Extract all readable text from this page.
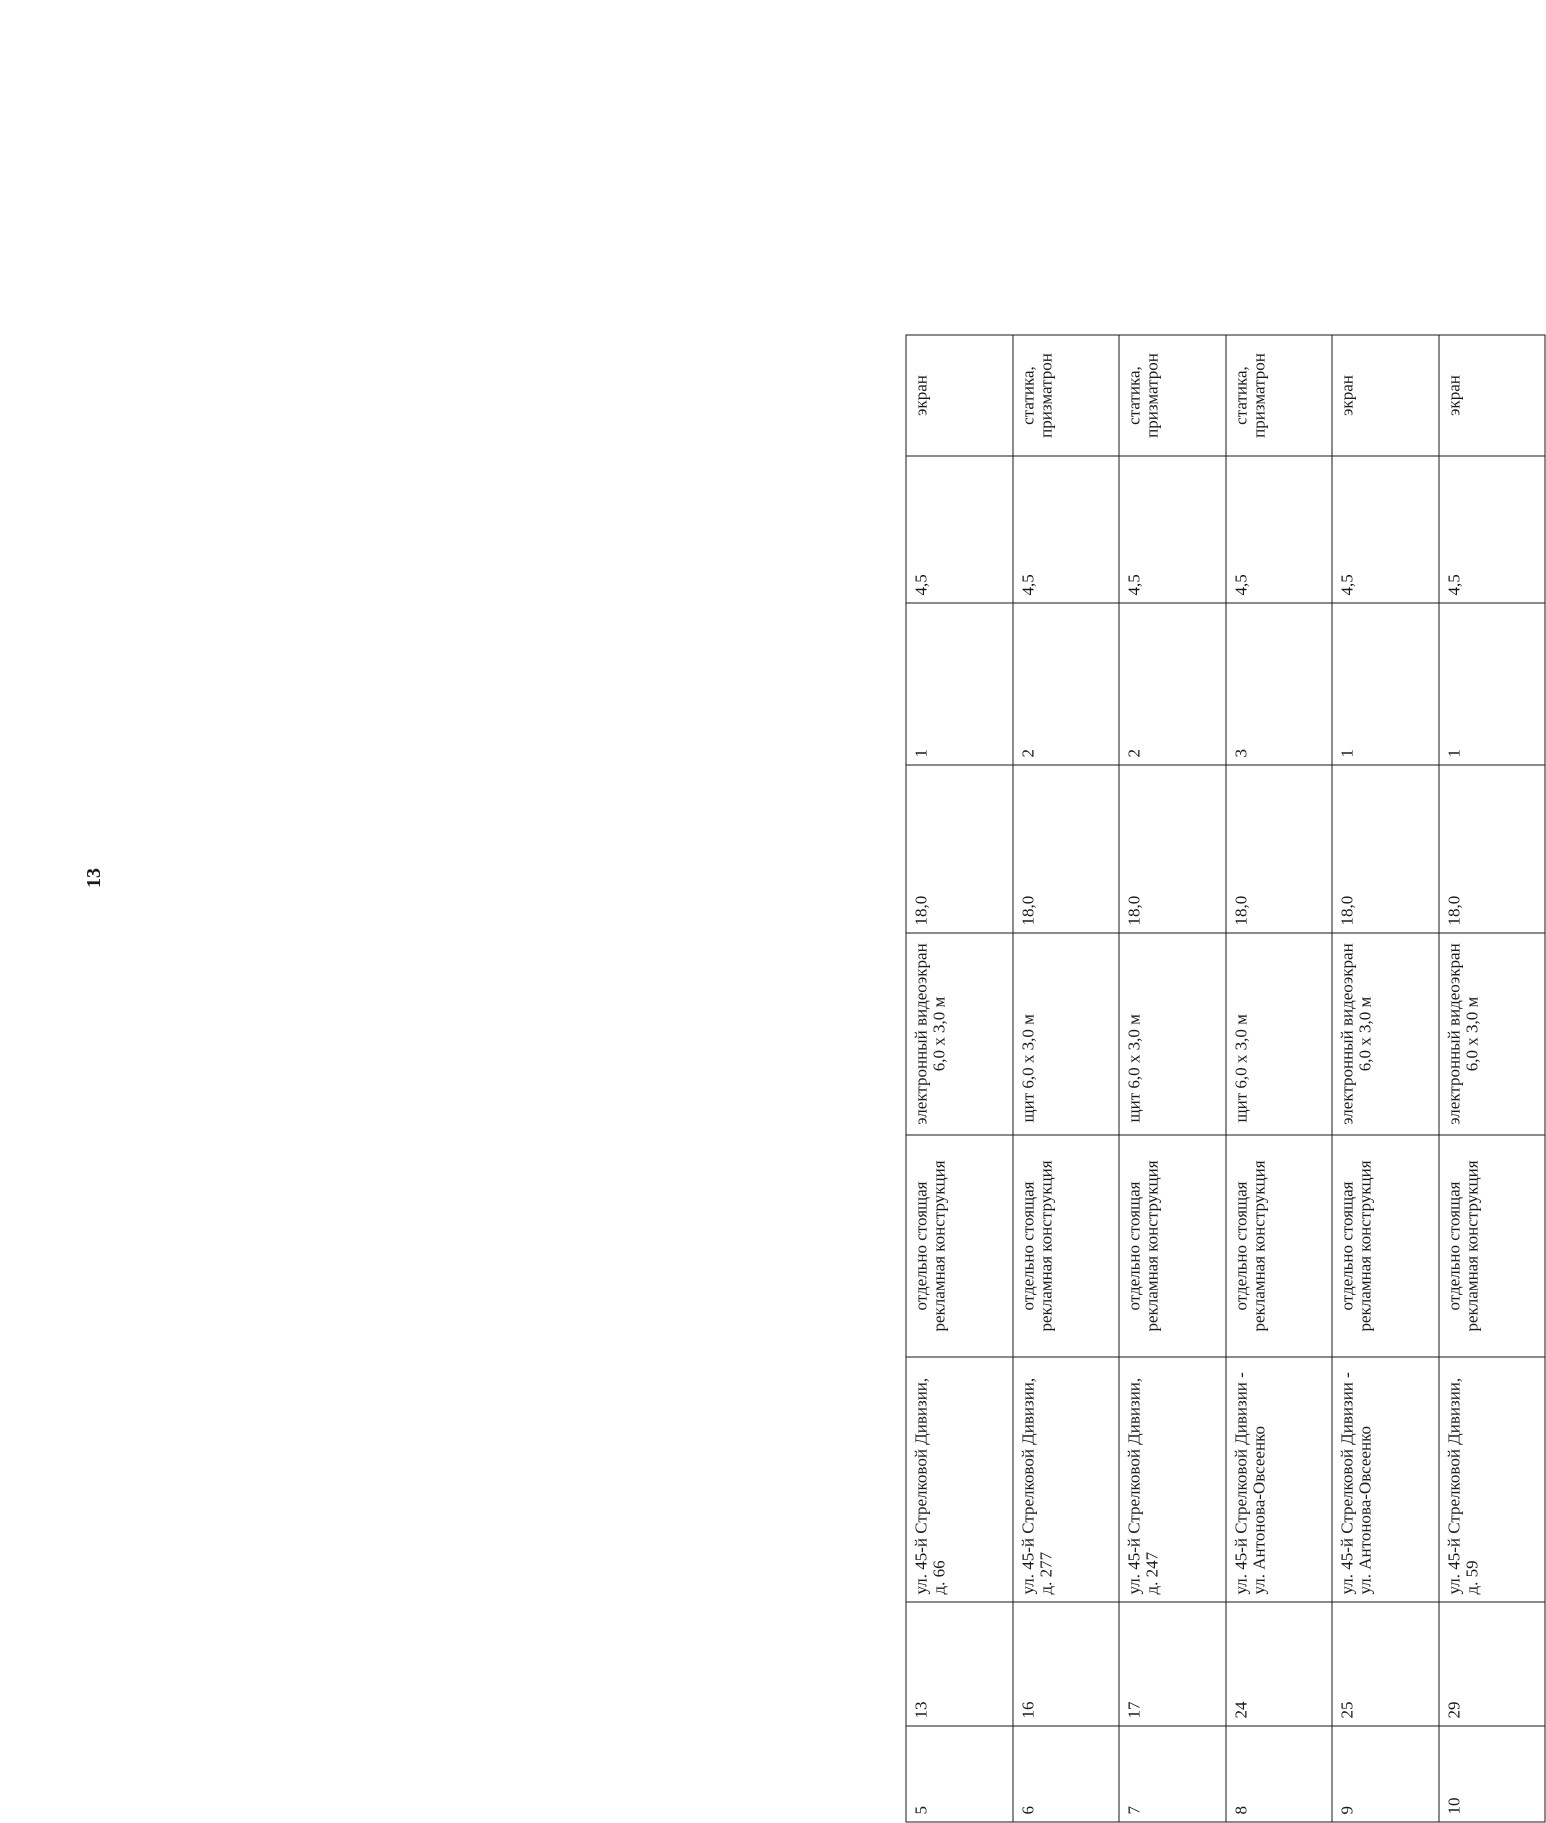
13
5	13	ул. 45-й Стрелковой Дивизии, д. 66	отдельно стоящая рекламная конструкция	электронный видеоэкран 6,0 х 3,0 м	18,0	1	4,5	экран
6	16	ул. 45-й Стрелковой Дивизии, д. 277	отдельно стоящая рекламная конструкция	щит 6,0 х 3,0 м	18,0	2	4,5	статика, призматрон
7	17	ул. 45-й Стрелковой Дивизии, д. 247	отдельно стоящая рекламная конструкция	щит 6,0 х 3,0 м	18,0	2	4,5	статика, призматрон
8	24	ул. 45-й Стрелковой Дивизии - ул. Антонова-Овсеенко	отдельно стоящая рекламная конструкция	щит 6,0 х 3,0 м	18,0	3	4,5	статика, призматрон
9	25	ул. 45-й Стрелковой Дивизии - ул. Антонова-Овсеенко	отдельно стоящая рекламная конструкция	электронный видеоэкран 6,0 х 3,0 м	18,0	1	4,5	экран
10	29	ул. 45-й Стрелковой Дивизии, д. 59	отдельно стоящая рекламная конструкция	электронный видеоэкран 6,0 х 3,0 м	18,0	1	4,5	экран
